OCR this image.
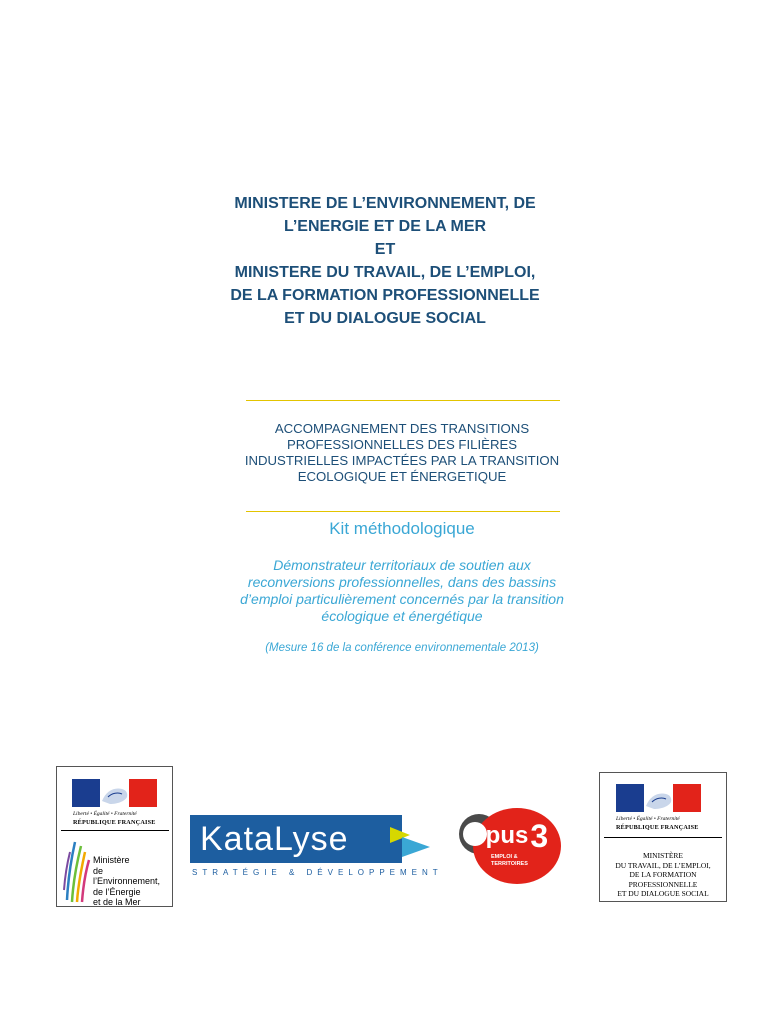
MINISTERE DE L’ENVIRONNEMENT, DE
L’ENERGIE ET DE LA MER
ET
MINISTERE DU TRAVAIL, DE L’EMPLOI,
DE LA FORMATION PROFESSIONNELLE
ET DU DIALOGUE SOCIAL
ACCOMPAGNEMENT DES TRANSITIONS
PROFESSIONNELLES DES FILIÈRES
INDUSTRIELLES IMPACTÉES PAR LA TRANSITION
ECOLOGIQUE ET ÉNERGETIQUE
Kit méthodologique
Démonstrateur territoriaux de soutien aux
reconversions professionnelles, dans des bassins
d’emploi particulièrement concernés par la transition
écologique et énergétique
(Mesure 16 de la conférence environnementale 2013)
Liberté • Égalité • Fraternité
RÉPUBLIQUE FRANÇAISE
Ministère
de l’Environnement,
de l’Énergie
et de la Mer
KataLyse
STRATÉGIE & DÉVELOPPEMENT
Opus3
EMPLOI &
TERRITOIRES
Liberté • Égalité • Fraternité
RÉPUBLIQUE FRANÇAISE
MINISTÈRE
DU TRAVAIL, DE L’EMPLOI,
DE LA FORMATION
PROFESSIONNELLE
ET DU DIALOGUE SOCIAL
